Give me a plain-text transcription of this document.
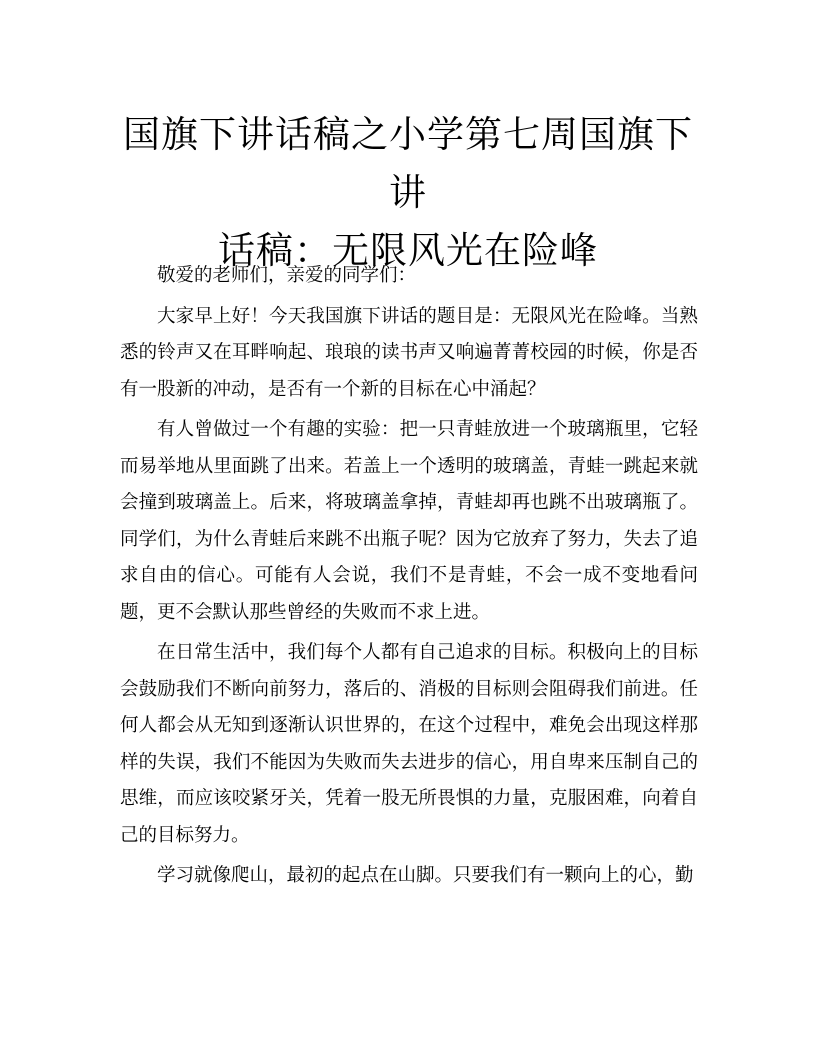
国旗下讲话稿之小学第七周国旗下讲
话稿：无限风光在险峰

敬爱的老师们，亲爱的同学们：

大家早上好！今天我国旗下讲话的题目是：无限风光在险峰。当熟悉的铃声又在耳畔响起、琅琅的读书声又响遍菁菁校园的时候，你是否有一股新的冲动，是否有一个新的目标在心中涌起？

有人曾做过一个有趣的实验：把一只青蛙放进一个玻璃瓶里，它轻而易举地从里面跳了出来。若盖上一个透明的玻璃盖，青蛙一跳起来就会撞到玻璃盖上。后来，将玻璃盖拿掉，青蛙却再也跳不出玻璃瓶了。同学们，为什么青蛙后来跳不出瓶子呢？因为它放弃了努力，失去了追求自由的信心。可能有人会说，我们不是青蛙，不会一成不变地看问题，更不会默认那些曾经的失败而不求上进。

在日常生活中，我们每个人都有自己追求的目标。积极向上的目标会鼓励我们不断向前努力，落后的、消极的目标则会阻碍我们前进。任何人都会从无知到逐渐认识世界的，在这个过程中，难免会出现这样那样的失误，我们不能因为失败而失去进步的信心，用自卑来压制自己的思维，而应该咬紧牙关，凭着一股无所畏惧的力量，克服困难，向着自己的目标努力。

学习就像爬山，最初的起点在山脚。只要我们有一颗向上的心，勤
